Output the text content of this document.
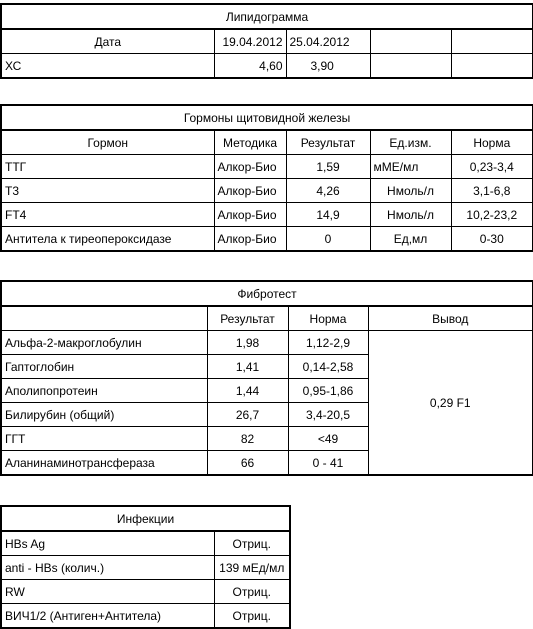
Липидограмма				
Дата	19.04.2012	25.04.2012		
ХС	4,60	3,90		
Гормоны щитовидной железы				
Гормон	Методика	Результат	Ед.изм.	Норма
ТТГ	Алкор-Био	1,59	мМЕ/мл	0,23-3,4
Т3	Алкор-Био	4,26	Нмоль/л	3,1-6,8
FT4	Алкор-Био	14,9	Нмоль/л	10,2-23,2
Антитела к тиреопероксидазе	Алкор-Био	0	Ед,мл	0-30
Фибротест			
	Результат	Норма	Вывод
Альфа-2-макроглобулин	1,98	1,12-2,9	0,29 F1
Гаптоглобин	1,41	0,14-2,58	
Аполипопротеин	1,44	0,95-1,86	
Билирубин (общий)	26,7	3,4-20,5	
ГГТ	82	<49	
Аланинаминотрансфераза	66	0 - 41	
Инфекции	
HBs Ag	Отриц.
anti - HBs (колич.)	139 мЕд/мл
RW	Отриц.
ВИЧ1/2 (Антиген+Антитела)	Отриц.
